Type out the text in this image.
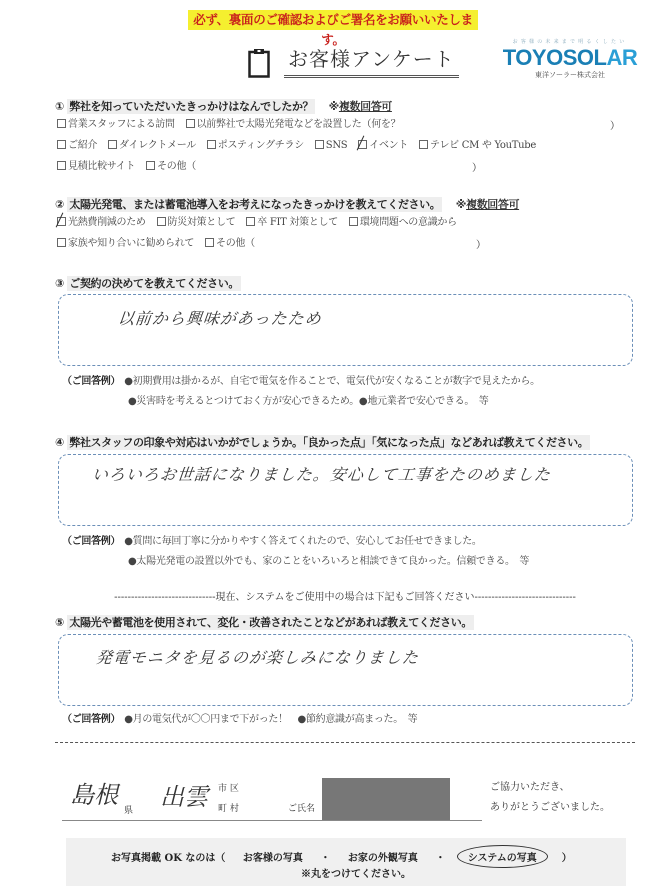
必ず、裏面のご確認およびご署名をお願いいたします。
お客様アンケート
お客様の未来まで明るくしたい
TOYOSOLAR
東洋ソーラー株式会社
① 弊社を知っていただいたきっかけはなんでしたか？ ※複数回答可
営業スタッフによる訪問 以前弊社で太陽光発電などを設置した（何を？
ご紹介 ダイレクトメール ポスティングチラシ SNS イベント テレビ CM や YouTube
見積比較サイト その他（
）
）
② 太陽光発電、または蓄電池導入をお考えになったきっかけを教えてください。 ※複数回答可
光熱費削減のため 防災対策として 卒 FIT 対策として 環境問題への意識から
家族や知り合いに勧められて その他（	）
③ ご契約の決めてを教えてください。
以前から興味があったため
（ご回答例） ●初期費用は掛かるが、自宅で電気を作ることで、電気代が安くなることが数字で見えたから。
●災害時を考えるとつけておく方が安心できるため。●地元業者で安心できる。　等
④ 弊社スタッフの印象や対応はいかがでしょうか。「良かった点」「気になった点」などあれば教えてください。
いろいろお世話になりました。安心して工事をたのめました
（ご回答例） ●質問に毎回丁寧に分かりやすく答えてくれたので、安心してお任せできました。
●太陽光発電の設置以外でも、家のことをいろいろと相談できて良かった。信頼できる。　等
------------------------------現在、システムをご使用中の場合は下記もご回答ください------------------------------
⑤ 太陽光や蓄電池を使用されて、変化・改善されたことなどがあれば教えてください。
発電モニタを見るのが楽しみになりました
（ご回答例） ●月の電気代が〇〇円まで下がった！　●節約意識が高まった。　等
島根
県 出雲 市 区
町 村	ご氏名
ご協力いただき、
ありがとうございました。
お写真掲載 OK なのは（ お客様の写真 ・ お家の外観写真 ・ システムの写真	）
※丸をつけてください。
